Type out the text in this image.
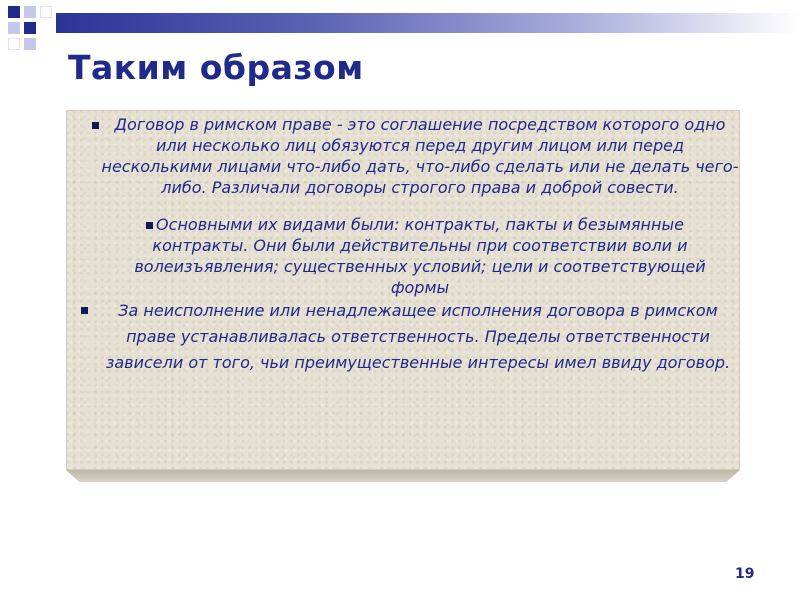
Таким образом
Договор в римском праве - это соглашение посредством которого одно или несколько лиц обязуются перед другим лицом или перед несколькими лицами что-либо дать, что-либо сделать или не делать чего-либо. Различали договоры строгого права и доброй совести.
Основными их видами были: контракты, пакты и безымянные контракты. Они были действительны при соответствии воли и волеизъявления; существенных условий; цели и соответствующей формы
За неисполнение или ненадлежащее исполнения договора в римском праве устанавливалась ответственность. Пределы ответственности зависели от того, чьи преимущественные интересы имел ввиду договор.
19
